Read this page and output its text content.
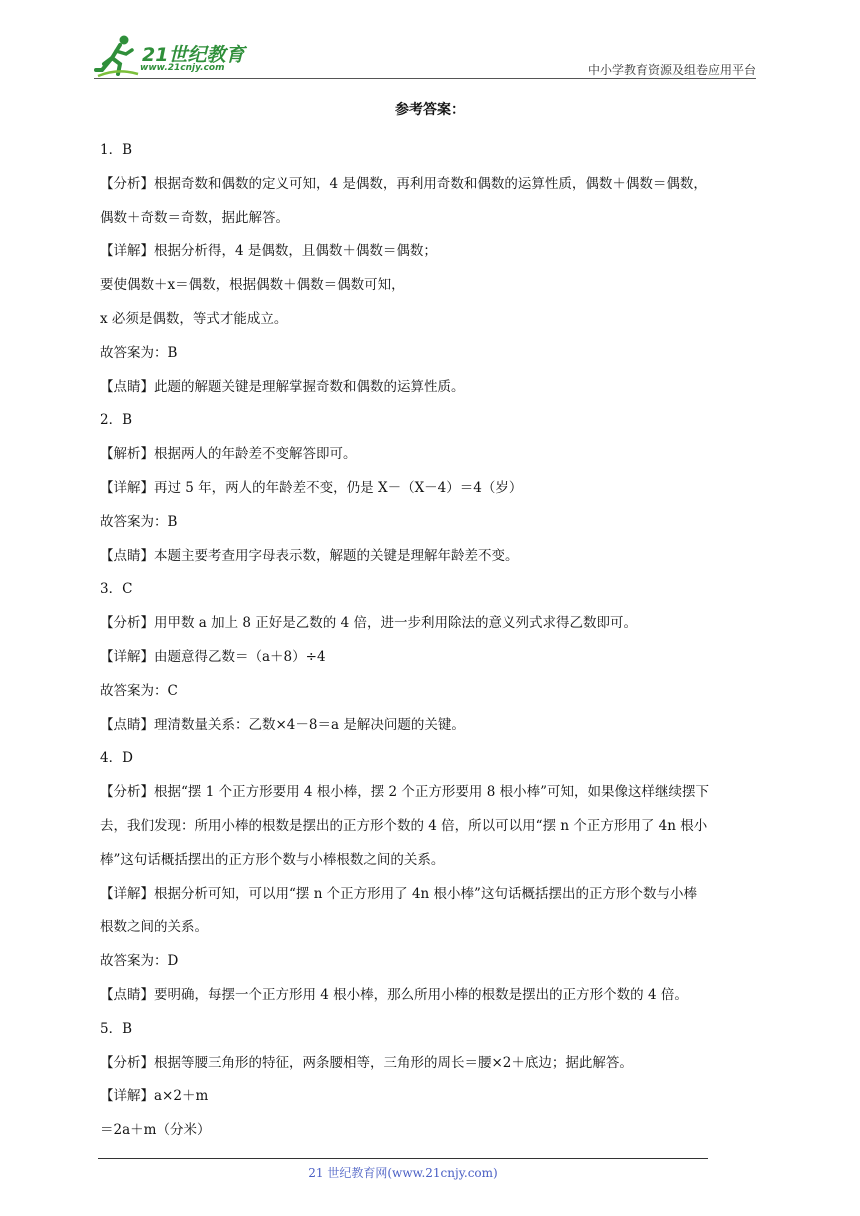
21世纪教育
www.21cnjy.com	中小学教育资源及组卷应用平台
参考答案：

1．B

【分析】根据奇数和偶数的定义可知，4 是偶数，再利用奇数和偶数的运算性质，偶数＋偶数＝偶数，

偶数＋奇数＝奇数，据此解答。

【详解】根据分析得，4 是偶数，且偶数＋偶数＝偶数；

要使偶数＋x＝偶数，根据偶数＋偶数＝偶数可知，

x 必须是偶数，等式才能成立。

故答案为：B

【点睛】此题的解题关键是理解掌握奇数和偶数的运算性质。

2．B

【解析】根据两人的年龄差不变解答即可。

【详解】再过 5 年，两人的年龄差不变，仍是 X－（X－4）＝4（岁）

故答案为：B

【点睛】本题主要考查用字母表示数，解题的关键是理解年龄差不变。

3．C

【分析】用甲数 a 加上 8 正好是乙数的 4 倍，进一步利用除法的意义列式求得乙数即可。

【详解】由题意得乙数＝（a＋8）÷4

故答案为：C

【点睛】理清数量关系：乙数×4－8＝a 是解决问题的关键。

4．D

【分析】根据“摆 1 个正方形要用 4 根小棒，摆 2 个正方形要用 8 根小棒”可知，如果像这样继续摆下

去，我们发现：所用小棒的根数是摆出的正方形个数的 4 倍，所以可以用“摆 n 个正方形用了 4n 根小

棒”这句话概括摆出的正方形个数与小棒根数之间的关系。

【详解】根据分析可知，可以用“摆 n 个正方形用了 4n 根小棒”这句话概括摆出的正方形个数与小棒

根数之间的关系。

故答案为：D

【点睛】要明确，每摆一个正方形用 4 根小棒，那么所用小棒的根数是摆出的正方形个数的 4 倍。

5．B

【分析】根据等腰三角形的特征，两条腰相等，三角形的周长＝腰×2＋底边；据此解答。

【详解】a×2＋m

＝2a＋m（分米）

21 世纪教育网(www.21cnjy.com)
